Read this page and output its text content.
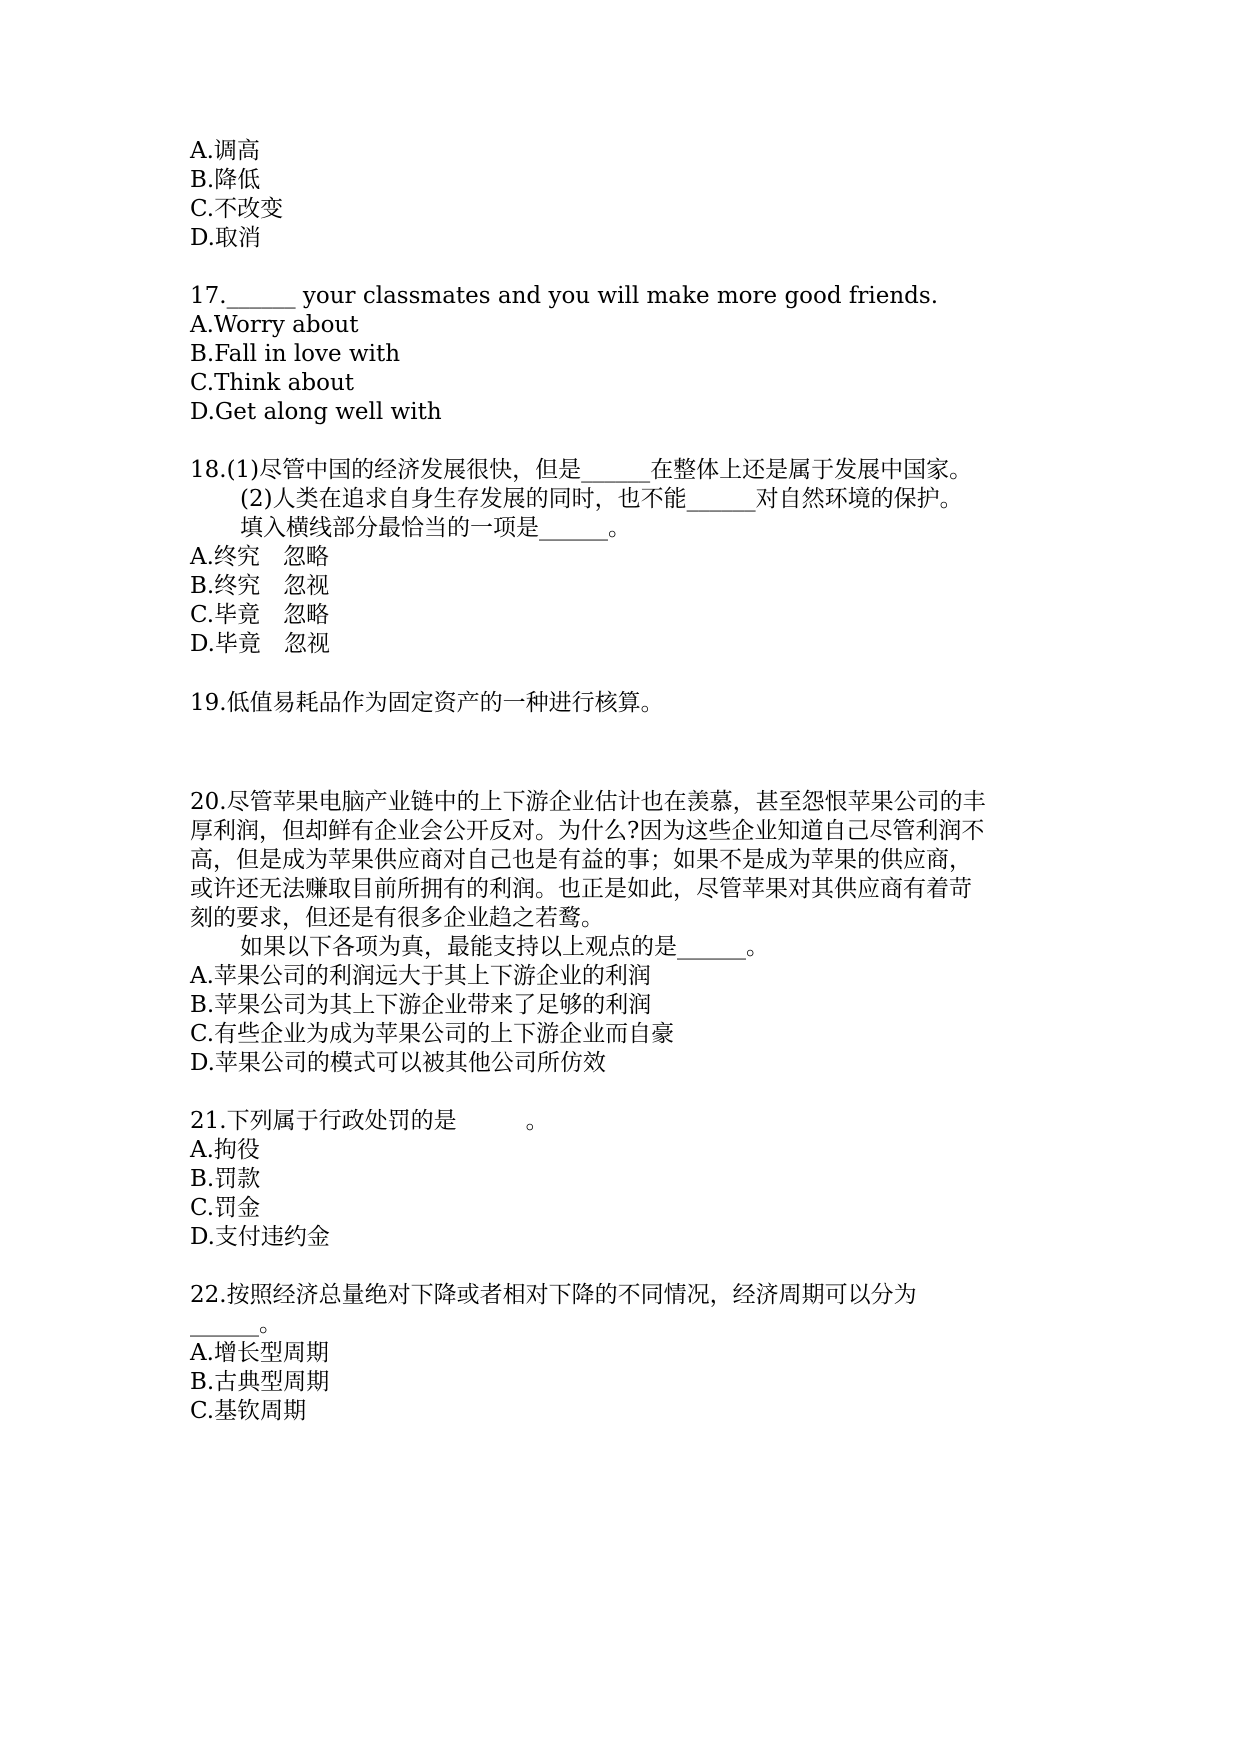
A.调高
B.降低
C.不改变
D.取消
17.______ your classmates and you will make more good friends.
A.Worry about
B.Fall in love with
C.Think about
D.Get along well with
18.(1)尽管中国的经济发展很快，但是______在整体上还是属于发展中国家。
(2)人类在追求自身生存发展的同时，也不能______对自然环境的保护。
填入横线部分最恰当的一项是______。
A.终究　忽略
B.终究　忽视
C.毕竟　忽略
D.毕竟　忽视
19.低值易耗品作为固定资产的一种进行核算。
20.尽管苹果电脑产业链中的上下游企业估计也在羡慕，甚至怨恨苹果公司的丰
厚利润，但却鲜有企业会公开反对。为什么?因为这些企业知道自己尽管利润不
高，但是成为苹果供应商对自己也是有益的事；如果不是成为苹果的供应商，
或许还无法赚取目前所拥有的利润。也正是如此，尽管苹果对其供应商有着苛
刻的要求，但还是有很多企业趋之若鹜。
如果以下各项为真，最能支持以上观点的是______。
A.苹果公司的利润远大于其上下游企业的利润
B.苹果公司为其上下游企业带来了足够的利润
C.有些企业为成为苹果公司的上下游企业而自豪
D.苹果公司的模式可以被其他公司所仿效
21.下列属于行政处罚的是　　　。
A.拘役
B.罚款
C.罚金
D.支付违约金
22.按照经济总量绝对下降或者相对下降的不同情况，经济周期可以分为
______。
A.增长型周期
B.古典型周期
C.基钦周期
